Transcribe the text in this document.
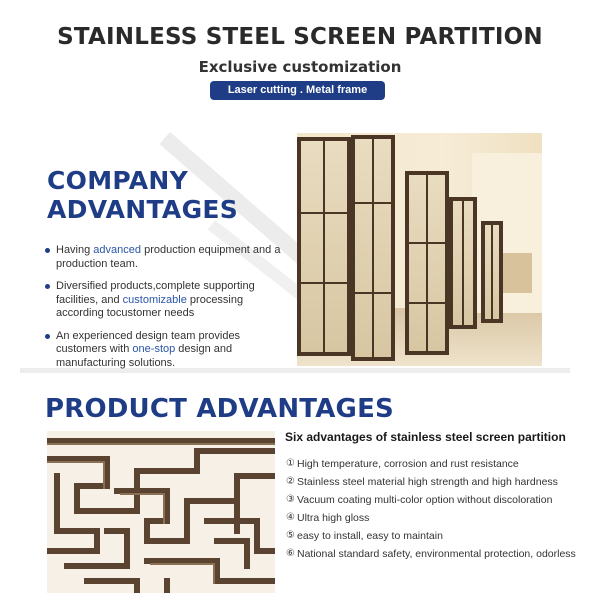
STAINLESS STEEL SCREEN PARTITION
Exclusive customization
Laser cutting . Metal frame
COMPANY
ADVANTAGES
Having advanced production equipment and a production team.
Diversified products,complete supporting facilities, and customizable processing according tocustomer needs
An experienced design team provides customers with one-stop design and manufacturing solutions.
PRODUCT ADVANTAGES
Six advantages of stainless steel screen partition
① High temperature, corrosion and rust resistance
② Stainless steel material high strength and high hardness
③ Vacuum coating multi-color option without discoloration
④ Ultra high gloss
⑤ easy to install, easy to maintain
⑥ National standard safety, environmental protection, odorless
